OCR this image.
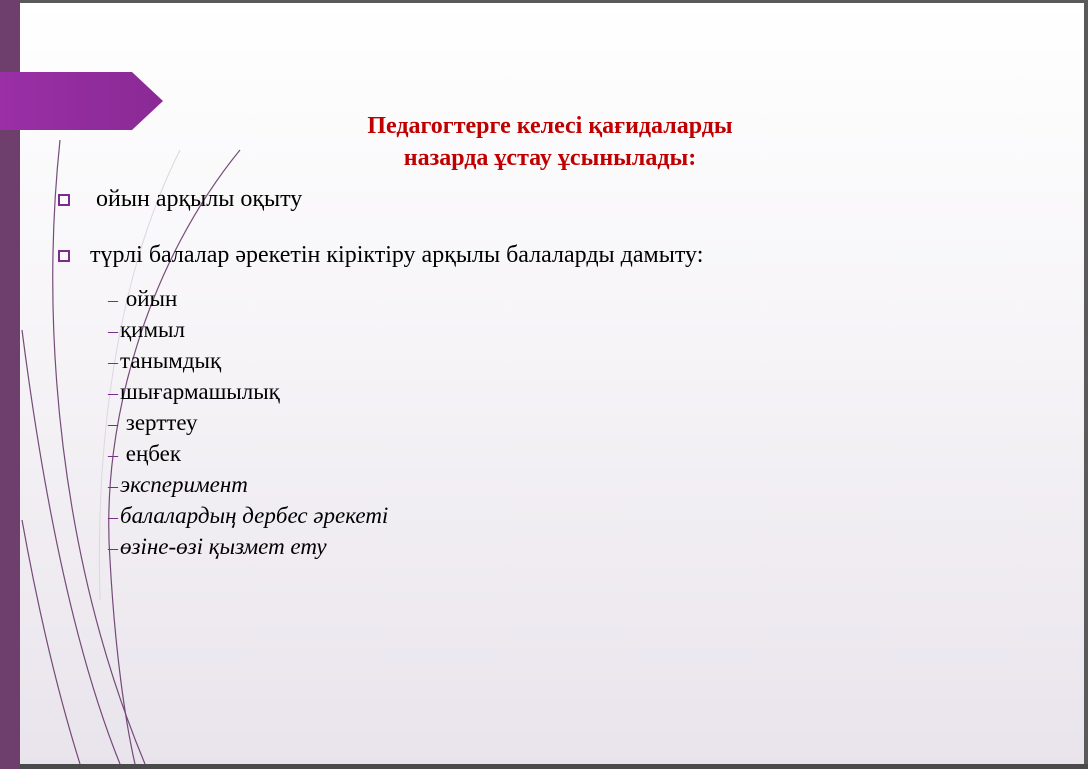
Педагогтерге келесі қағидаларды
назарда ұстау ұсынылады:
ойын арқылы оқыту
түрлі балалар әрекетін кіріктіру арқылы балаларды дамыту:
– ойын
–қимыл
–танымдық
–шығармашылық
– зерттеу
– еңбек
–эксперимент
–балалардың дербес әрекеті
–өзіне-өзі қызмет ету
